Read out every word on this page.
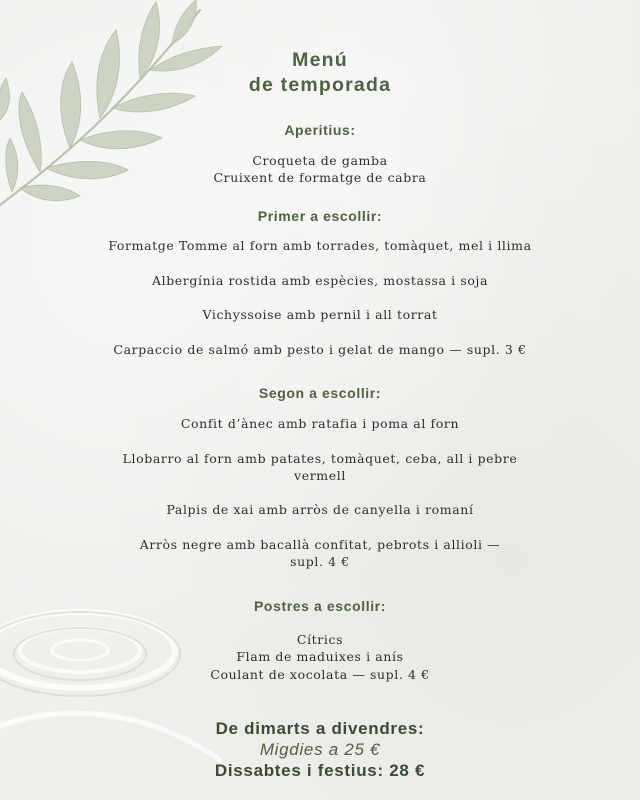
Menú
de temporada
Aperitius:
Croqueta de gamba
Cruixent de formatge de cabra
Primer a escollir:
Formatge Tomme al forn amb torrades, tomàquet, mel i llima
Albergínia rostida amb espècies, mostassa i soja
Vichyssoise amb pernil i all torrat
Carpaccio de salmó amb pesto i gelat de mango — supl. 3 €
Segon a escollir:
Confit d’ànec amb ratafia i poma al forn
Llobarro al forn amb patates, tomàquet, ceba, all i pebre vermell
Palpis de xai amb arròs de canyella i romaní
Arròs negre amb bacallà confitat, pebrots i allioli — supl. 4 €
Postres a escollir:
Cítrics
Flam de maduixes i anís
Coulant de xocolata — supl. 4 €
De dimarts a divendres:
Migdies a 25 €
Dissabtes i festius: 28 €
